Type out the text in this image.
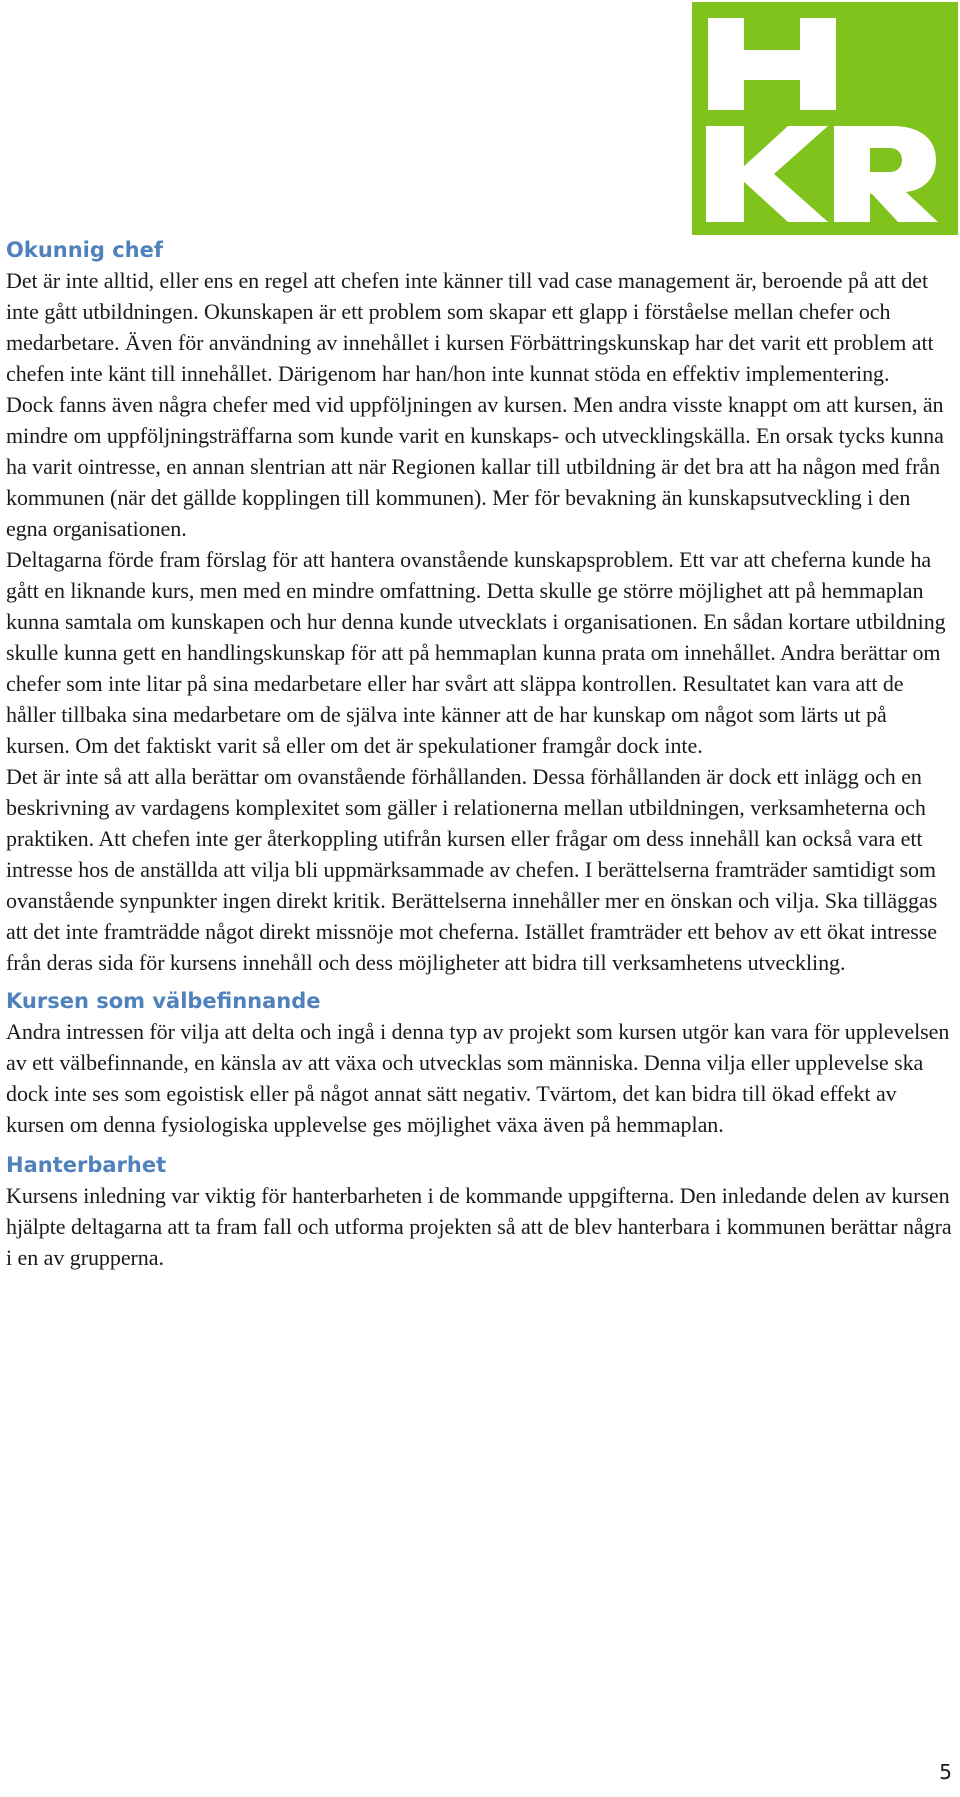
Okunnig chef

Det är inte alltid, eller ens en regel att chefen inte känner till vad case management är, beroende på att det inte gått utbildningen. Okunskapen är ett problem som skapar ett glapp i förståelse mellan chefer och medarbetare. Även för användning av innehållet i kursen Förbättringskunskap har det varit ett problem att chefen inte känt till innehållet. Därigenom har han/hon inte kunnat stöda en effektiv implementering.

Dock fanns även några chefer med vid uppföljningen av kursen. Men andra visste knappt om att kursen, än mindre om uppföljningsträffarna som kunde varit en kunskaps- och utvecklingskälla. En orsak tycks kunna ha varit ointresse, en annan slentrian att när Regionen kallar till utbildning är det bra att ha någon med från kommunen (när det gällde kopplingen till kommunen). Mer för bevakning än kunskapsutveckling i den egna organisationen.

Deltagarna förde fram förslag för att hantera ovanstående kunskapsproblem. Ett var att cheferna kunde ha gått en liknande kurs, men med en mindre omfattning. Detta skulle ge större möjlighet att på hemmaplan kunna samtala om kunskapen och hur denna kunde utvecklats i organisationen. En sådan kortare utbildning skulle kunna gett en handlingskunskap för att på hemmaplan kunna prata om innehållet. Andra berättar om chefer som inte litar på sina medarbetare eller har svårt att släppa kontrollen. Resultatet kan vara att de håller tillbaka sina medarbetare om de själva inte känner att de har kunskap om något som lärts ut på kursen. Om det faktiskt varit så eller om det är spekulationer framgår dock inte.

Det är inte så att alla berättar om ovanstående förhållanden. Dessa förhållanden är dock ett inlägg och en beskrivning av vardagens komplexitet som gäller i relationerna mellan utbildningen, verksamheterna och praktiken. Att chefen inte ger återkoppling utifrån kursen eller frågar om dess innehåll kan också vara ett intresse hos de anställda att vilja bli uppmärksammade av chefen. I berättelserna framträder samtidigt som ovanstående synpunkter ingen direkt kritik. Berättelserna innehåller mer en önskan och vilja. Ska tilläggas att det inte framträdde något direkt missnöje mot cheferna. Istället framträder ett behov av ett ökat intresse från deras sida för kursens innehåll och dess möjligheter att bidra till verksamhetens utveckling.

Kursen som välbefinnande

Andra intressen för vilja att delta och ingå i denna typ av projekt som kursen utgör kan vara för upplevelsen av ett välbefinnande, en känsla av att växa och utvecklas som människa. Denna vilja eller upplevelse ska dock inte ses som egoistisk eller på något annat sätt negativ. Tvärtom, det kan bidra till ökad effekt av kursen om denna fysiologiska upplevelse ges möjlighet växa även på hemmaplan.

Hanterbarhet

Kursens inledning var viktig för hanterbarheten i de kommande uppgifterna. Den inledande delen av kursen hjälpte deltagarna att ta fram fall och utforma projekten så att de blev hanterbara i kommunen berättar några i en av grupperna.

5
